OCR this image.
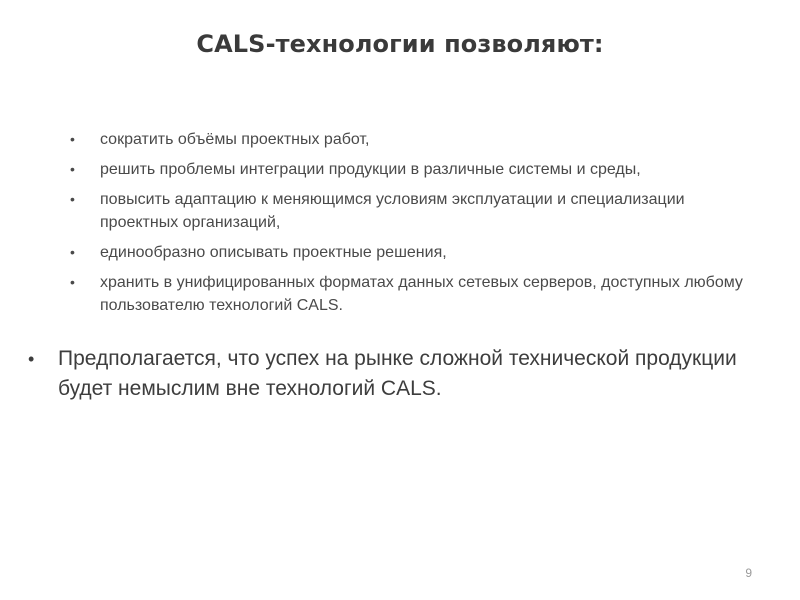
CALS-технологии позволяют:
•	сократить объёмы проектных работ,
•	решить проблемы интеграции продукции в различные системы и среды,
•	повысить адаптацию к меняющимся условиям эксплуатации и специализации проектных организаций,
•	единообразно описывать проектные решения,
•	хранить в унифицированных форматах данных сетевых серверов, доступных любому пользователю технологий CALS.
• Предполагается, что успех на рынке сложной технической продукции будет немыслим вне технологий CALS.
9
